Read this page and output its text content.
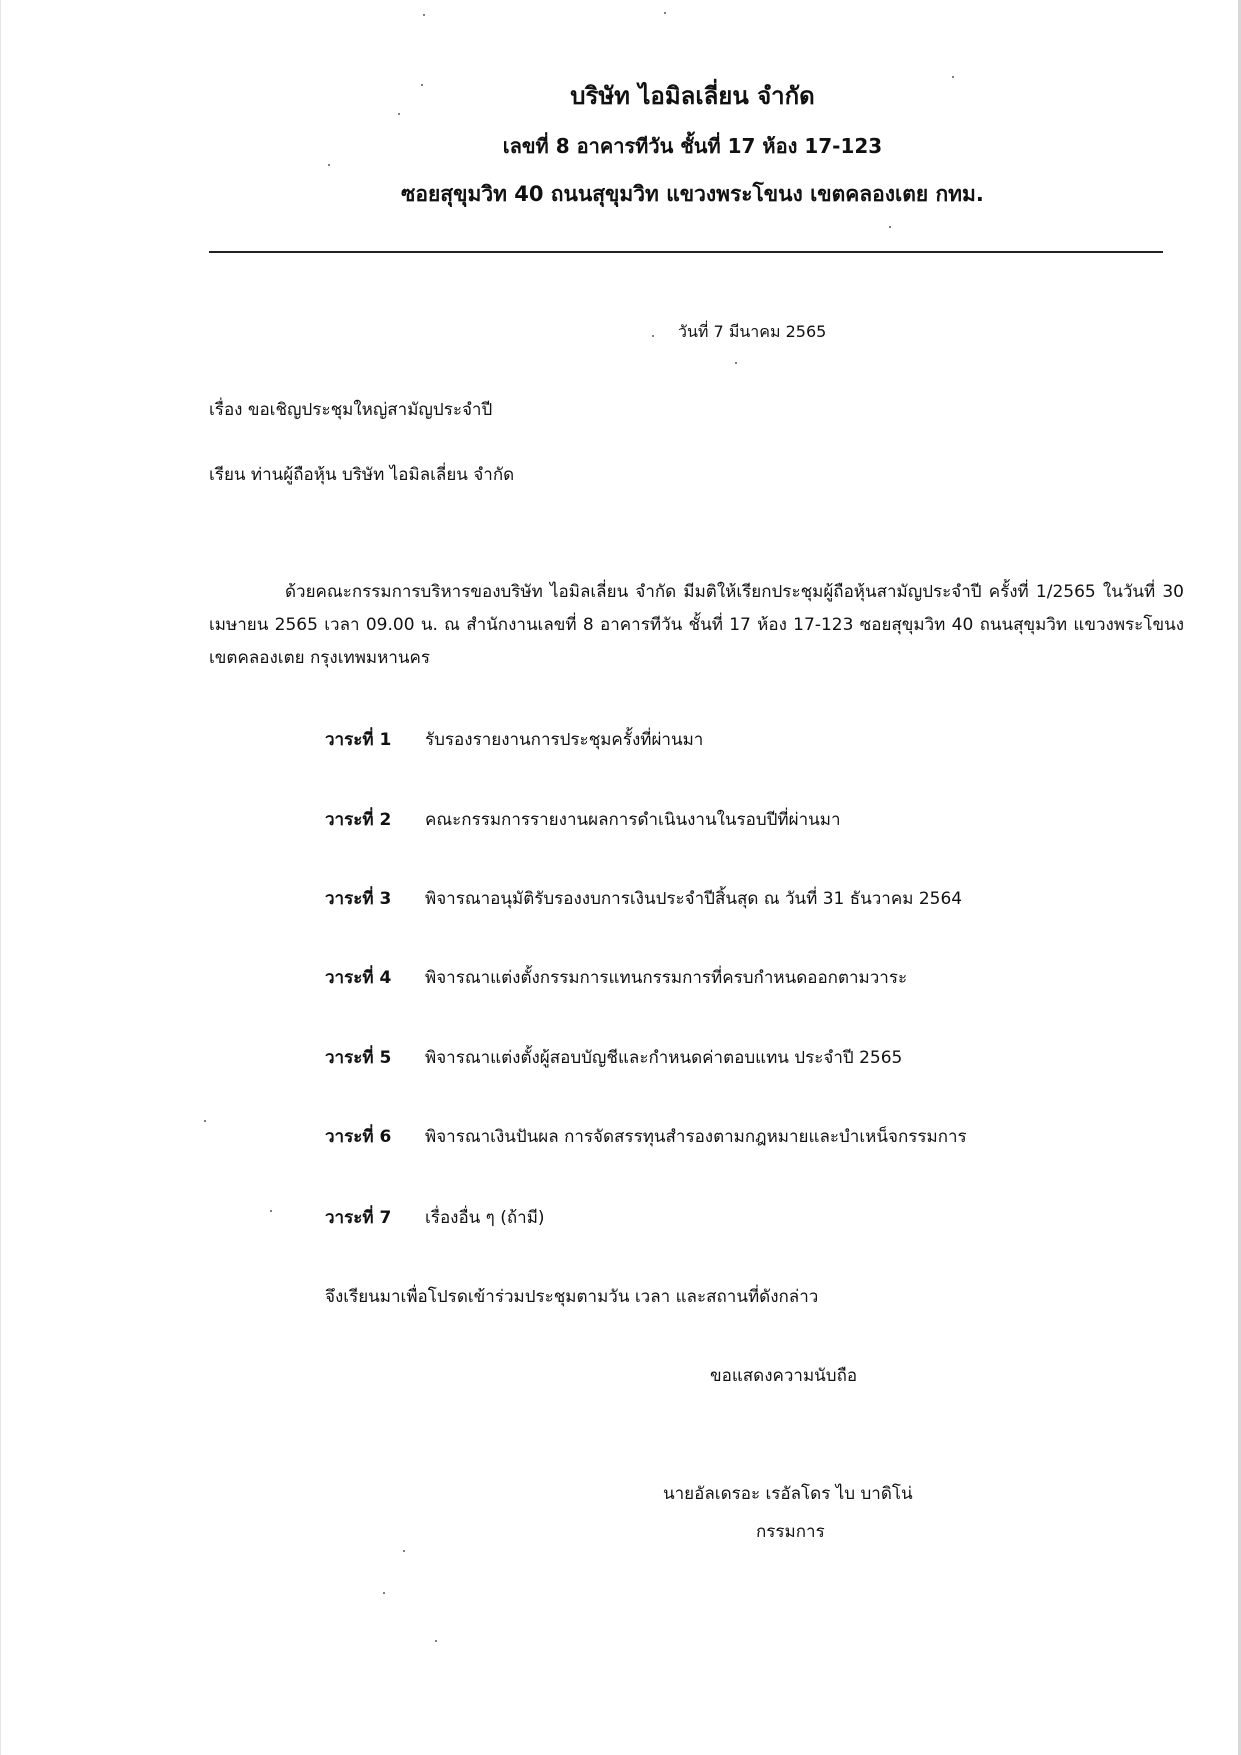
บริษัท ไอมิลเลี่ยน จำกัด
เลขที่ 8 อาคารทีวัน ชั้นที่ 17 ห้อง 17-123
ซอยสุขุมวิท 40 ถนนสุขุมวิท แขวงพระโขนง เขตคลองเตย กทม.
วันที่ 7 มีนาคม 2565
เรื่อง ขอเชิญประชุมใหญ่สามัญประจำปี
เรียน ท่านผู้ถือหุ้น บริษัท ไอมิลเลี่ยน จำกัด
ด้วยคณะกรรมการบริหารของบริษัท ไอมิลเลี่ยน จำกัด มีมติให้เรียกประชุมผู้ถือหุ้นสามัญประจำปี ครั้งที่ 1/2565 ในวันที่ 30 เมษายน 2565 เวลา 09.00 น. ณ สำนักงานเลขที่ 8 อาคารทีวัน ชั้นที่ 17 ห้อง 17-123 ซอยสุขุมวิท 40 ถนนสุขุมวิท แขวงพระโขนง เขตคลองเตย กรุงเทพมหานคร
วาระที่ 1 รับรองรายงานการประชุมครั้งที่ผ่านมา
วาระที่ 2 คณะกรรมการรายงานผลการดำเนินงานในรอบปีที่ผ่านมา
วาระที่ 3 พิจารณาอนุมัติรับรองงบการเงินประจำปีสิ้นสุด ณ วันที่ 31 ธันวาคม 2564
วาระที่ 4 พิจารณาแต่งตั้งกรรมการแทนกรรมการที่ครบกำหนดออกตามวาระ
วาระที่ 5 พิจารณาแต่งตั้งผู้สอบบัญชีและกำหนดค่าตอบแทน ประจำปี 2565
วาระที่ 6 พิจารณาเงินปันผล การจัดสรรทุนสำรองตามกฎหมายและบำเหน็จกรรมการ
วาระที่ 7 เรื่องอื่น ๆ (ถ้ามี)
จึงเรียนมาเพื่อโปรดเข้าร่วมประชุมตามวัน เวลา และสถานที่ดังกล่าว
ขอแสดงความนับถือ
นายอัลเดรอะ เรอัลโดร ไบ บาดิโน่
กรรมการ
